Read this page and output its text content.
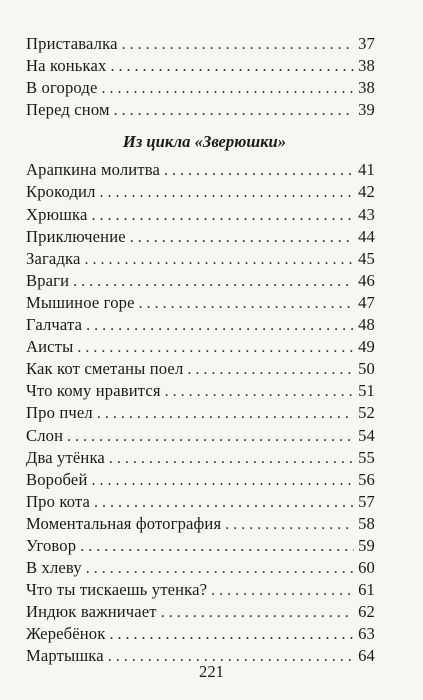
Приставалка . . .	37
На коньках . . .	38
В огороде . . .	38
Перед сном . . .	39
Из цикла «Зверюшки»
Арапкина молитва . . .	41
Крокодил . . .	42
Хрюшка . . .	43
Приключение . . .	44
Загадка . . .	45
Враги . . .	46
Мышиное горе . . .	47
Галчата . . .	48
Аисты . . .	49
Как кот сметаны поел . . .	50
Что кому нравится . . .	51
Про пчел . . .	52
Слон . . .	54
Два утёнка . . .	55
Воробей . . .	56
Про кота . . .	57
Моментальная фотография . . .	58
Уговор . . .	59
В хлеву . . .	60
Что ты тискаешь утенка? . . .	61
Индюк важничает . . .	62
Жеребёнок . . .	63
Мартышка . . .	64
221
